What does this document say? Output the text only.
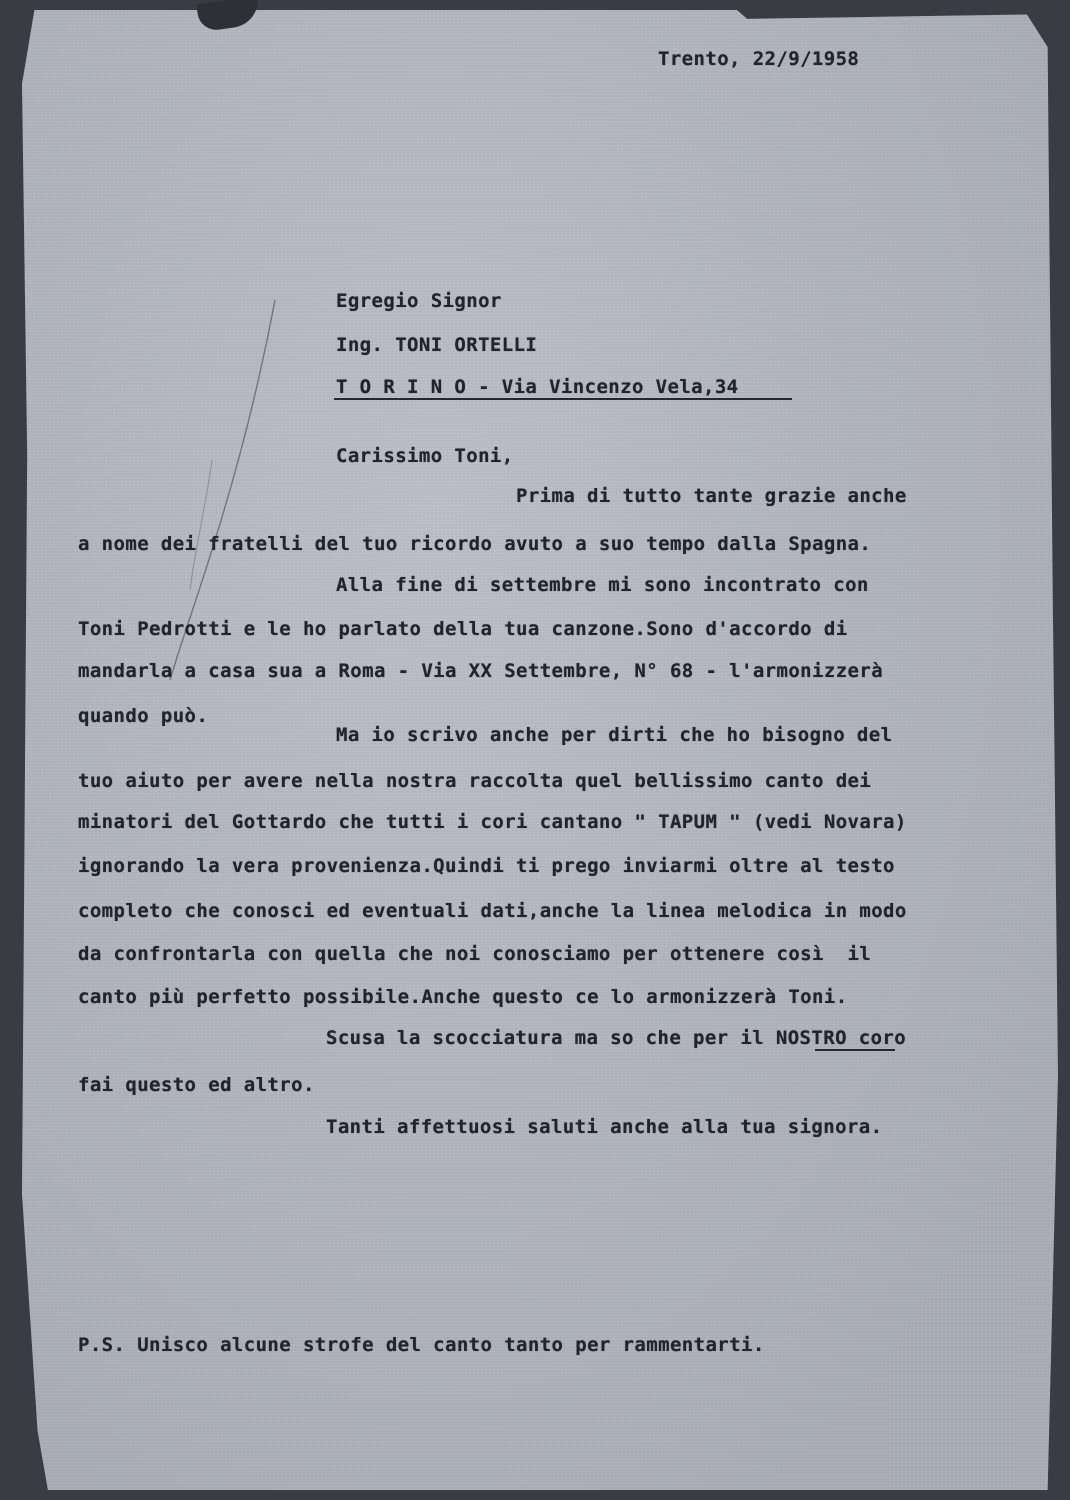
Trento, 22/9/1958
Egregio Signor
Ing. TONI ORTELLI
T O R I N O - Via Vincenzo Vela,34
Carissimo Toni,
Prima di tutto tante grazie anche
a nome dei fratelli del tuo ricordo avuto a suo tempo dalla Spagna.
Alla fine di settembre mi sono incontrato con
Toni Pedrotti e le ho parlato della tua canzone.Sono d'accordo di
mandarla a casa sua a Roma - Via XX Settembre, N° 68 - l'armonizzerà
quando può.
Ma io scrivo anche per dirti che ho bisogno del
tuo aiuto per avere nella nostra raccolta quel bellissimo canto dei
minatori del Gottardo che tutti i cori cantano " TAPUM " (vedi Novara)
ignorando la vera provenienza.Quindi ti prego inviarmi oltre al testo
completo che conosci ed eventuali dati,anche la linea melodica in modo
da confrontarla con quella che noi conosciamo per ottenere così  il
canto più perfetto possibile.Anche questo ce lo armonizzerà Toni.
Scusa la scocciatura ma so che per il NOSTRO coro
fai questo ed altro.
Tanti affettuosi saluti anche alla tua signora.
P.S. Unisco alcune strofe del canto tanto per rammentarti.
